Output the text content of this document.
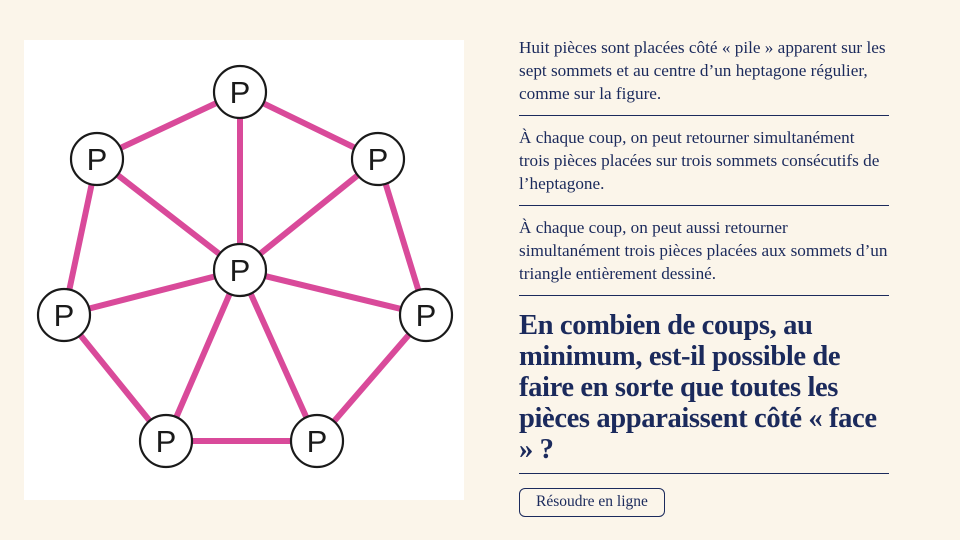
P
P
P
P
P
P
P
P

Huit pièces sont placées côté « pile » apparent sur les sept sommets et au centre d’un heptagone régulier, comme sur la figure.

À chaque coup, on peut retourner simultanément trois pièces placées sur trois sommets consécutifs de l’heptagone.

À chaque coup, on peut aussi retourner simultanément trois pièces placées aux sommets d’un triangle entièrement dessiné.

En combien de coups, au minimum, est-il possible de faire en sorte que toutes les pièces apparaissent côté « face » ?

Résoudre en ligne
